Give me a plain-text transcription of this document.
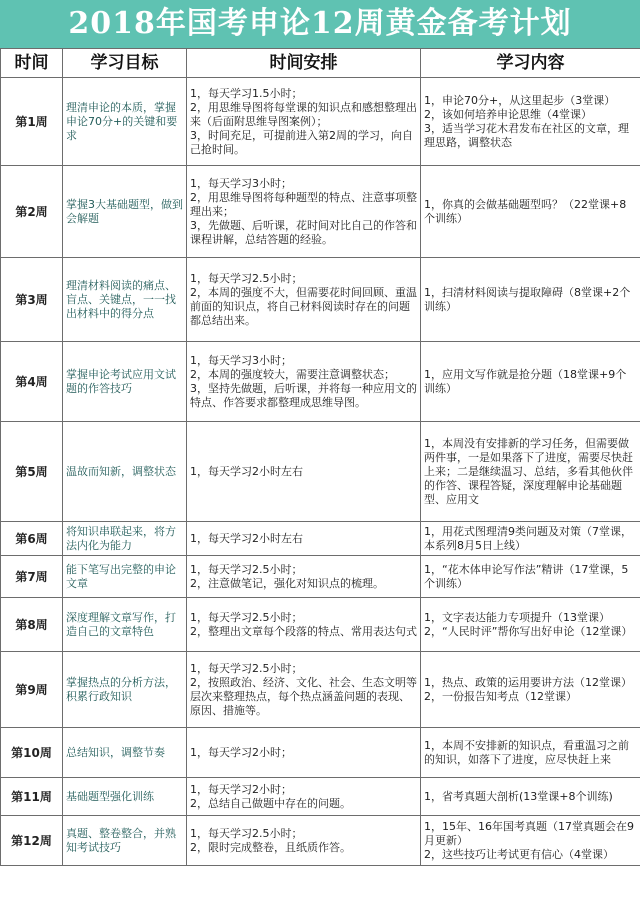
2018年国考申论12周黄金备考计划
时间	学习目标	时间安排	学习内容
第1周	理清申论的本质，掌握申论70分+的关键和要求	1，每天学习1.5小时；
2，用思维导图将每堂课的知识点和感想整理出来（后面附思维导图案例）；
3，时间充足，可提前进入第2周的学习，向自己抢时间。	1，申论70分+，从这里起步（3堂课）
2，该如何培养申论思维（4堂课）
3，适当学习花木君发布在社区的文章，理理思路，调整状态

第2周	掌握3大基础题型，做到会解题	1，每天学习3小时；
2，用思维导图将每种题型的特点、注意事项整理出来；
3，先做题、后听课，花时间对比自己的作答和课程讲解，总结答题的经验。	1，你真的会做基础题型吗？（22堂课+8个训练）

第3周	理清材料阅读的痛点、盲点、关键点，一一找出材料中的得分点	1，每天学习2.5小时；
2，本周的强度不大，但需要花时间回顾、重温前面的知识点，将自己材料阅读时存在的问题都总结出来。	1，扫清材料阅读与提取障碍（8堂课+2个训练）

第4周	掌握申论考试应用文试题的作答技巧	1，每天学习3小时；
2，本周的强度较大，需要注意调整状态；
3，坚持先做题，后听课，并将每一种应用文的特点、作答要求都整理成思维导图。	1，应用文写作就是抢分题（18堂课+9个训练）

第5周	温故而知新，调整状态	1，每天学习2小时左右	1，本周没有安排新的学习任务，但需要做两件事，一是如果落下了进度，需要尽快赶上来；二是继续温习、总结，多看其他伙伴的作答、课程答疑，深度理解申论基础题型、应用文

第6周	将知识串联起来，将方法内化为能力	1，每天学习2小时左右	1，用花式图理清9类问题及对策（7堂课，本系列8月5日上线）

第7周	能下笔写出完整的申论文章	1，每天学习2.5小时；
2，注意做笔记，强化对知识点的梳理。	1，“花木体申论写作法”精讲（17堂课，5个训练）

第8周	深度理解文章写作，打造自己的文章特色	1，每天学习2.5小时；
2，整理出文章每个段落的特点、常用表达句式	1，文字表达能力专项提升（13堂课）
2，“人民时评”帮你写出好申论（12堂课）

第9周	掌握热点的分析方法，积累行政知识	1，每天学习2.5小时；
2，按照政治、经济、文化、社会、生态文明等层次来整理热点，每个热点涵盖问题的表现、原因、措施等。	1，热点、政策的运用要讲方法（12堂课）
2，一份报告知考点（12堂课）

第10周	总结知识，调整节奏	1，每天学习2小时；	1，本周不安排新的知识点，看重温习之前的知识，如落下了进度，应尽快赶上来

第11周	基础题型强化训练	1，每天学习2小时；
2，总结自己做题中存在的问题。	1，省考真题大剖析(13堂课+8个训练)

第12周	真题、整卷整合，并熟知考试技巧	1，每天学习2.5小时；
2，限时完成整卷，且纸质作答。	1，15年、16年国考真题（17堂真题会在9月更新）
2，这些技巧让考试更有信心（4堂课）
